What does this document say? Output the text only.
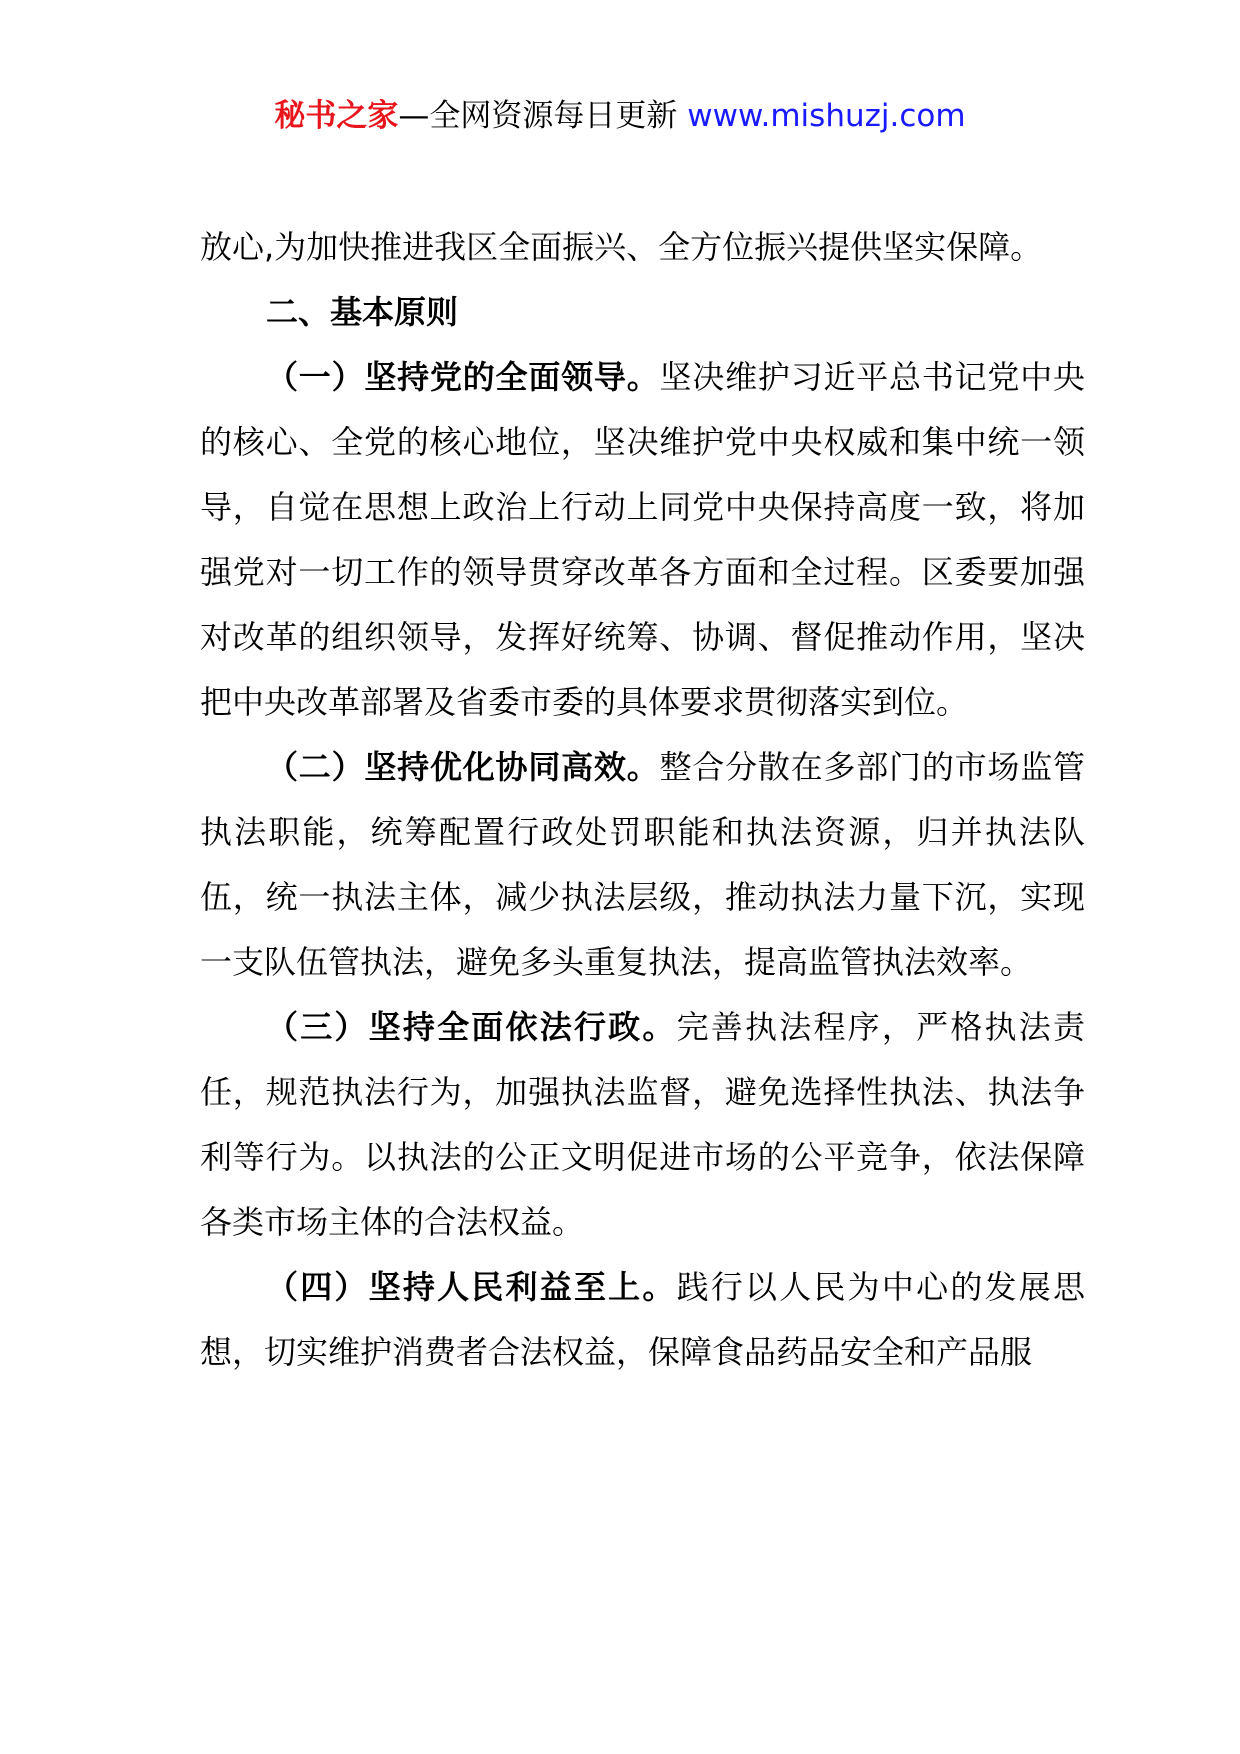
秘书之家—全网资源每日更新 www.mishuzj.com

放心,为加快推进我区全面振兴、全方位振兴提供坚实保障。

二、基本原则

（一）坚持党的全面领导。坚决维护习近平总书记党中央的核心、全党的核心地位，坚决维护党中央权威和集中统一领导，自觉在思想上政治上行动上同党中央保持高度一致，将加强党对一切工作的领导贯穿改革各方面和全过程。区委要加强对改革的组织领导，发挥好统筹、协调、督促推动作用，坚决把中央改革部署及省委市委的具体要求贯彻落实到位。

（二）坚持优化协同高效。整合分散在多部门的市场监管执法职能，统筹配置行政处罚职能和执法资源，归并执法队伍，统一执法主体，减少执法层级，推动执法力量下沉，实现一支队伍管执法，避免多头重复执法，提高监管执法效率。

（三）坚持全面依法行政。完善执法程序，严格执法责任，规范执法行为，加强执法监督，避免选择性执法、执法争利等行为。以执法的公正文明促进市场的公平竞争，依法保障各类市场主体的合法权益。

（四）坚持人民利益至上。践行以人民为中心的发展思想，切实维护消费者合法权益，保障食品药品安全和产品服
